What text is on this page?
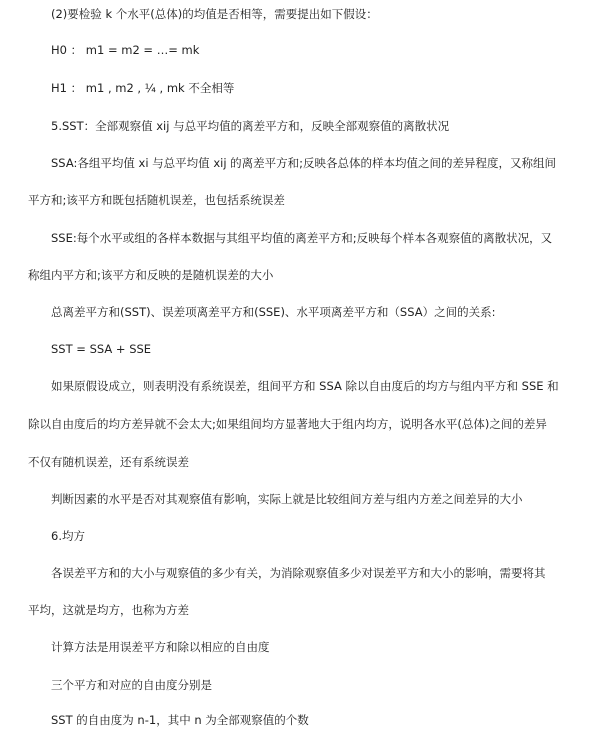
(2)要检验 k 个水平(总体)的均值是否相等，需要提出如下假设：
H0 ： m1 = m2 = …= mk
H1 ： m1 , m2 , ¼ , mk 不全相等
5.SST：全部观察值 xij 与总平均值的离差平方和，反映全部观察值的离散状况
SSA:各组平均值 xi 与总平均值 xij 的离差平方和;反映各总体的样本均值之间的差异程度，又称组间
平方和;该平方和既包括随机误差，也包括系统误差
SSE:每个水平或组的各样本数据与其组平均值的离差平方和;反映每个样本各观察值的离散状况，又
称组内平方和;该平方和反映的是随机误差的大小
总离差平方和(SST)、误差项离差平方和(SSE)、水平项离差平方和（SSA）之间的关系:
SST = SSA + SSE
如果原假设成立，则表明没有系统误差，组间平方和 SSA 除以自由度后的均方与组内平方和 SSE 和
除以自由度后的均方差异就不会太大;如果组间均方显著地大于组内均方，说明各水平(总体)之间的差异
不仅有随机误差，还有系统误差
判断因素的水平是否对其观察值有影响，实际上就是比较组间方差与组内方差之间差异的大小
6.均方
各误差平方和的大小与观察值的多少有关，为消除观察值多少对误差平方和大小的影响，需要将其
平均，这就是均方，也称为方差
计算方法是用误差平方和除以相应的自由度
三个平方和对应的自由度分别是
SST 的自由度为 n-1，其中 n 为全部观察值的个数
